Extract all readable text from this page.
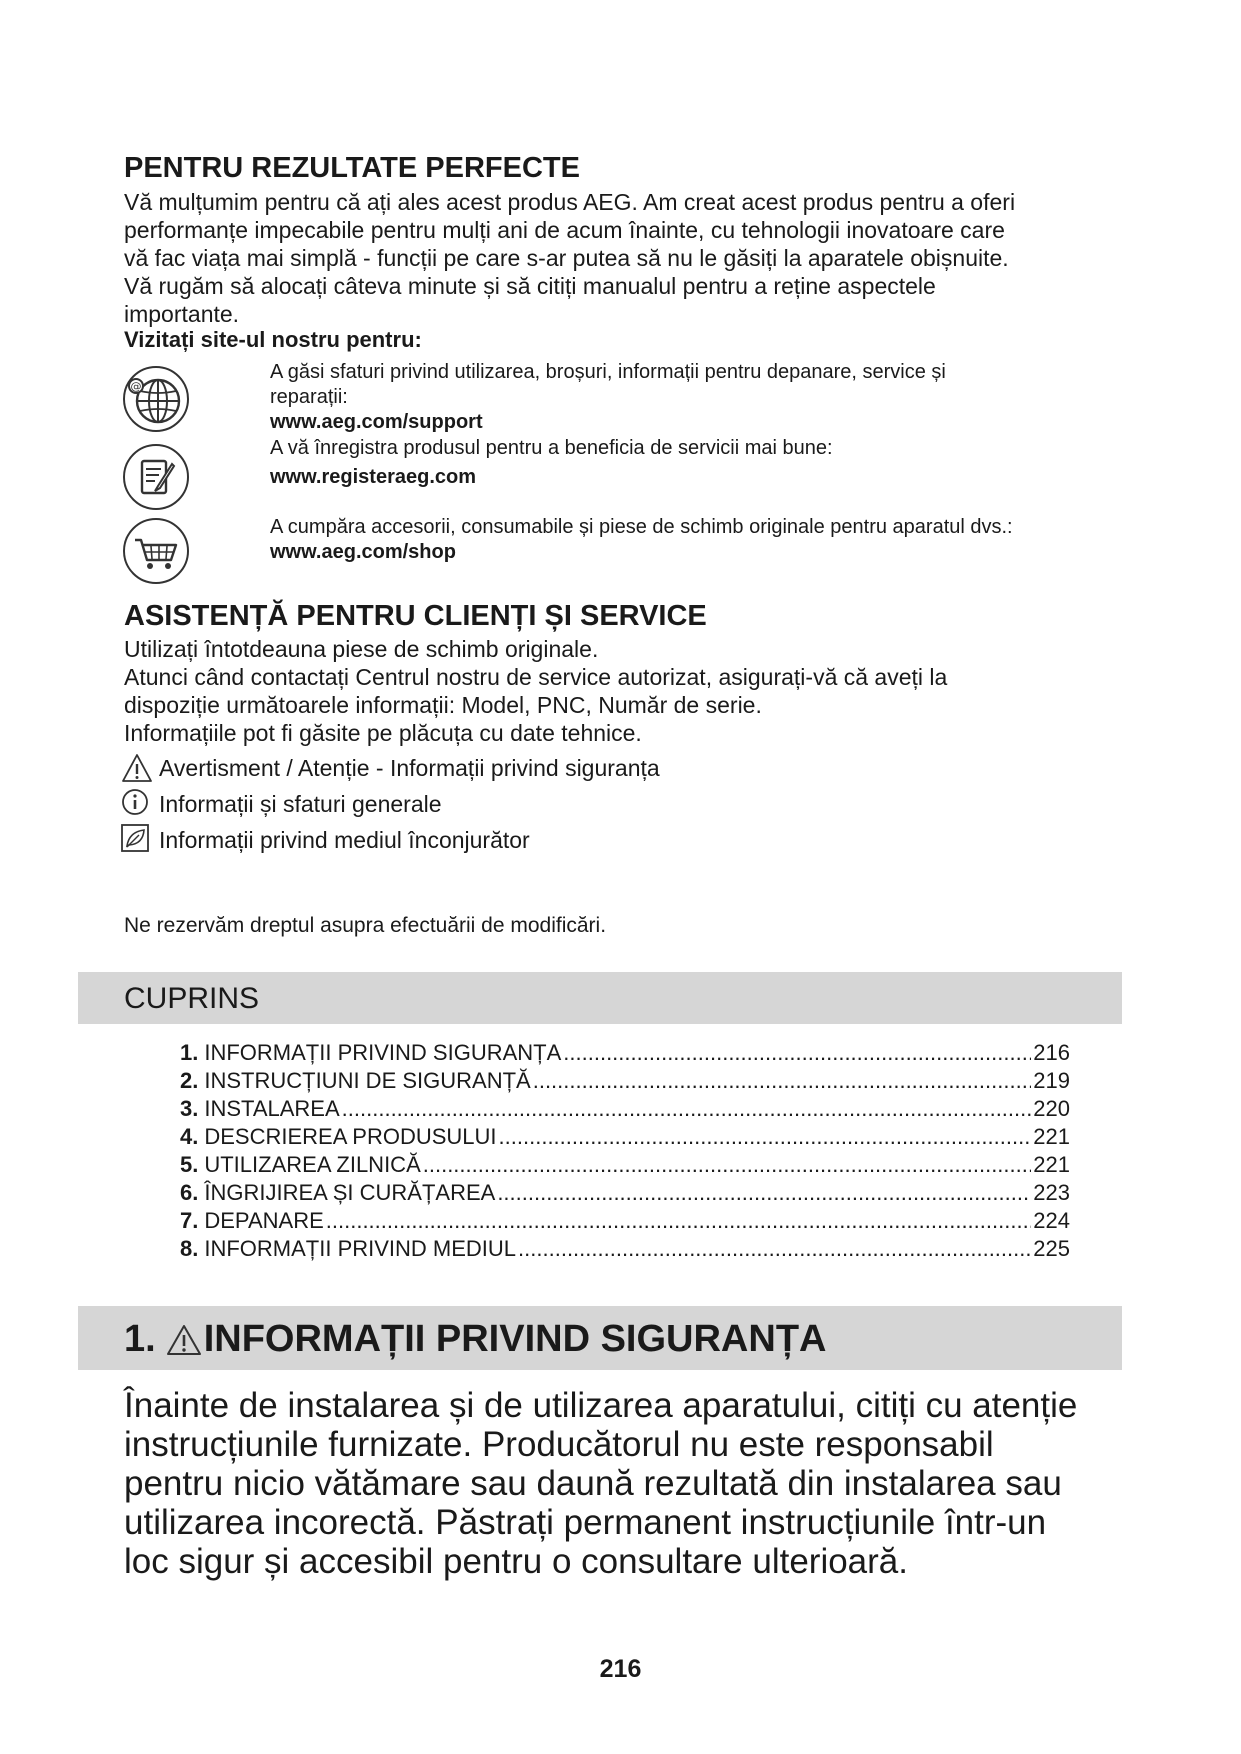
PENTRU REZULTATE PERFECTE

Vă mulțumim pentru că ați ales acest produs AEG. Am creat acest produs pentru a oferi
performanțe impecabile pentru mulți ani de acum înainte, cu tehnologii inovatoare care
vă fac viața mai simplă - funcții pe care s-ar putea să nu le găsiți la aparatele obișnuite.
Vă rugăm să alocați câteva minute și să citiți manualul pentru a reține aspectele
importante.

Vizitați site-ul nostru pentru:
@
A găsi sfaturi privind utilizarea, broșuri, informații pentru depanare, service și
reparații:
www.aeg.com/support
A vă înregistra produsul pentru a beneficia de servicii mai bune:
www.registeraeg.com
A cumpăra accesorii, consumabile și piese de schimb originale pentru aparatul dvs.:
www.aeg.com/shop
ASISTENȚĂ PENTRU CLIENȚI ȘI SERVICE

Utilizați întotdeauna piese de schimb originale.
Atunci când contactați Centrul nostru de service autorizat, asigurați-vă că aveți la
dispoziție următoarele informații: Model, PNC, Număr de serie.
Informațiile pot fi găsite pe plăcuța cu date tehnice.

Avertisment / Atenție - Informații privind siguranța
Informații și sfaturi generale
Informații privind mediul înconjurător
Ne rezervăm dreptul asupra efectuării de modificări.
CUPRINS
1. INFORMAȚII PRIVIND SIGURANȚA .....	216
2. INSTRUCȚIUNI DE SIGURANȚĂ .....	219
3. INSTALAREA .....	220
4. DESCRIEREA PRODUSULUI .....	221
5. UTILIZAREA ZILNICĂ .....	221
6. ÎNGRIJIREA ȘI CURĂȚAREA .....	223
7. DEPANARE .....	224
8. INFORMAȚII PRIVIND MEDIUL .....	225
1. INFORMAȚII PRIVIND SIGURANȚA

Înainte de instalarea și de utilizarea aparatului, citiți cu atenție
instrucțiunile furnizate. Producătorul nu este responsabil
pentru nicio vătămare sau daună rezultată din instalarea sau
utilizarea incorectă. Păstrați permanent instrucțiunile într-un
loc sigur și accesibil pentru o consultare ulterioară.

216
